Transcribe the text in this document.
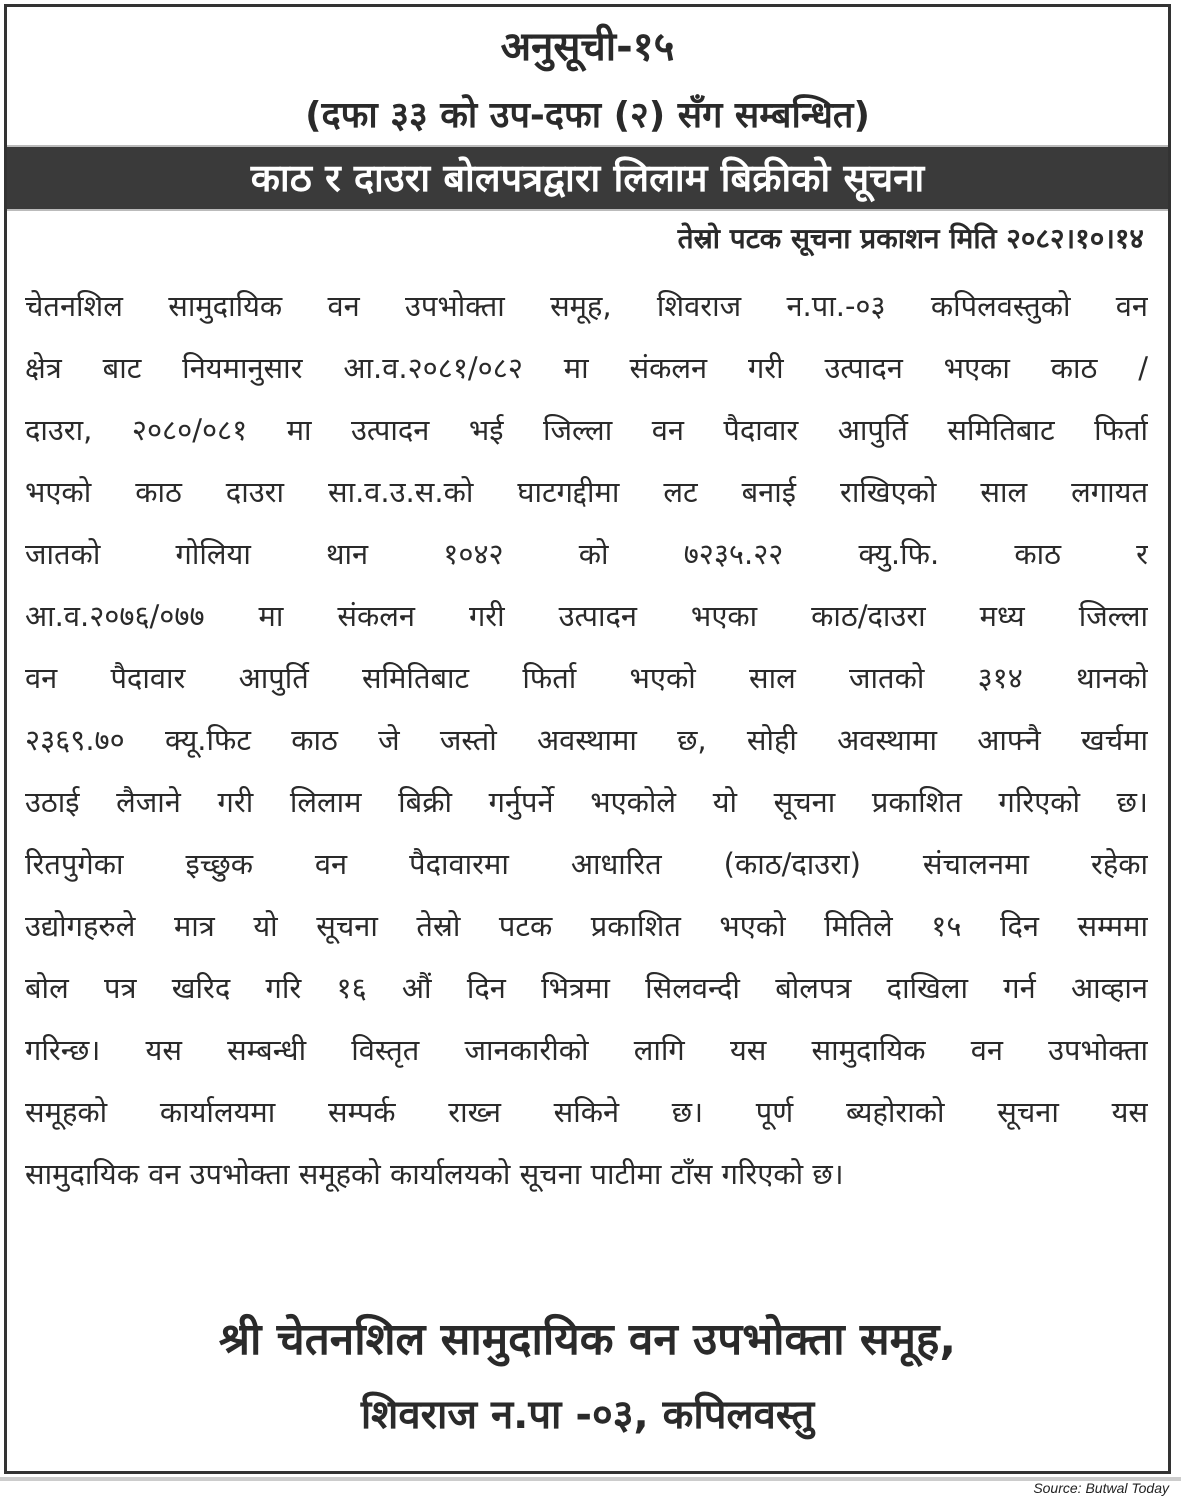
अनुसूची-१५
(दफा ३३ को उप-दफा (२) सँग सम्बन्धित)
काठ र दाउरा बोलपत्रद्वारा लिलाम बिक्रीको सूचना
तेस्रो पटक सूचना प्रकाशन मिति २०८२।१०।१४
चेतनशिल सामुदायिक वन उपभोक्ता समूह, शिवराज न.पा.-०३ कपिलवस्तुको वन
क्षेत्र बाट नियमानुसार आ.व.२०८१/०८२ मा संकलन गरी उत्पादन भएका काठ /
दाउरा, २०८०/०८१ मा उत्पादन भई जिल्ला वन पैदावार आपुर्ति समितिबाट फिर्ता
भएको काठ दाउरा सा.व.उ.स.को घाटगद्दीमा लट बनाई राखिएको साल लगायत
जातको गोलिया थान १०४२ को ७२३५.२२ क्यु.फि. काठ र
आ.व.२०७६/०७७ मा संकलन गरी उत्पादन भएका काठ/दाउरा मध्य जिल्ला
वन पैदावार आपुर्ति समितिबाट फिर्ता भएको साल जातको ३१४ थानको
२३६९.७० क्यू.फिट काठ जे जस्तो अवस्थामा छ, सोही अवस्थामा आफ्नै खर्चमा
उठाई लैजाने गरी लिलाम बिक्री गर्नुपर्ने भएकोले यो सूचना प्रकाशित गरिएको छ।
रितपुगेका इच्छुक वन पैदावारमा आधारित (काठ/दाउरा) संचालनमा रहेका
उद्योगहरुले मात्र यो सूचना तेस्रो पटक प्रकाशित भएको मितिले १५ दिन सम्ममा
बोल पत्र खरिद गरि १६ औं दिन भित्रमा सिलवन्दी बोलपत्र दाखिला गर्न आव्हान
गरिन्छ। यस सम्बन्धी विस्तृत जानकारीको लागि यस सामुदायिक वन उपभोक्ता
समूहको कार्यालयमा सम्पर्क राख्न सकिने छ। पूर्ण ब्यहोराको सूचना यस
सामुदायिक वन उपभोक्ता समूहको कार्यालयको सूचना पाटीमा टाँस गरिएको छ।
श्री चेतनशिल सामुदायिक वन उपभोक्ता समूह,
शिवराज न.पा -०३, कपिलवस्तु
Source: Butwal Today
